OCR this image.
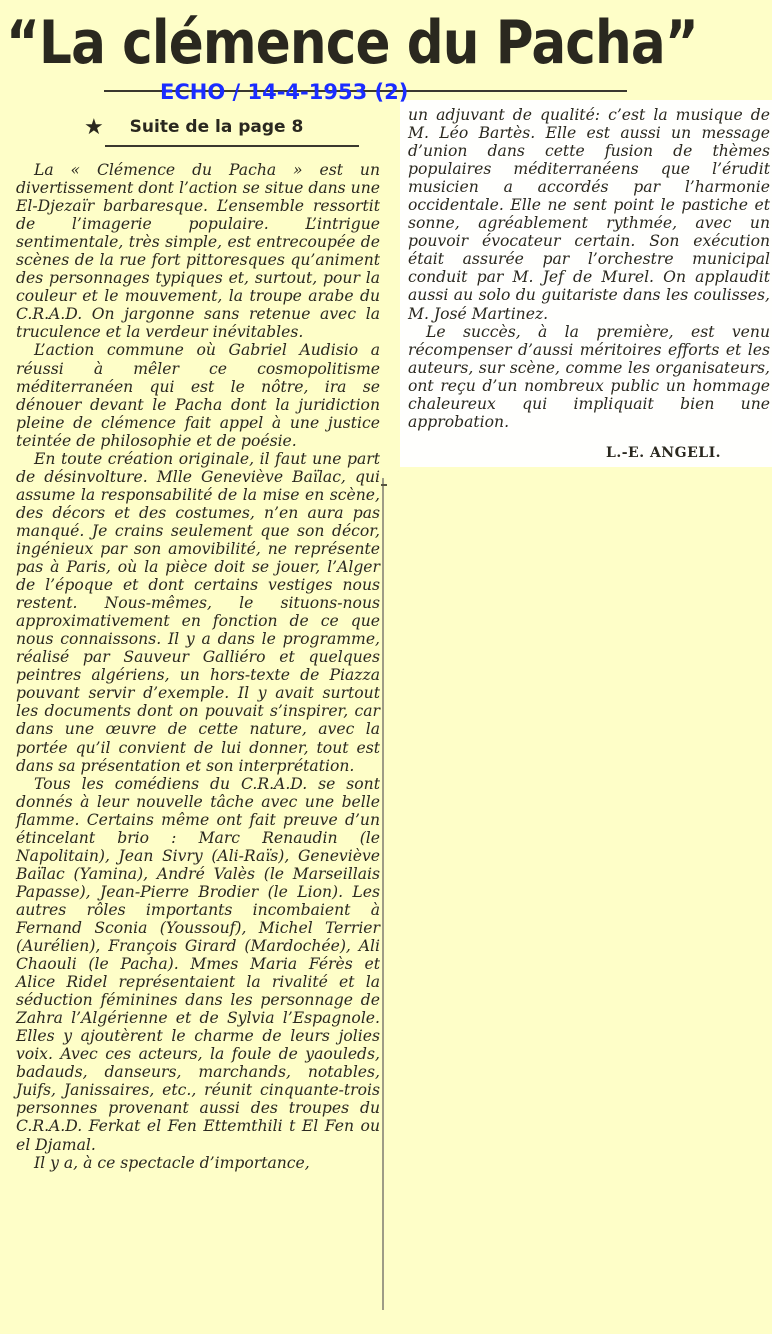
“La clémence du Pacha”
ECHO / 14-4-1953 (2)
★ Suite de la page 8

La « Clémence du Pacha » est un divertissement dont l’action se situe dans une El-Djezaïr barbaresque. L’ensemble ressortit de l’imagerie populaire. L’intrigue sentimentale, très simple, est entrecoupée de scènes de la rue fort pittoresques qu’animent des personnages typiques et, surtout, pour la couleur et le mouvement, la troupe arabe du C.R.A.D. On jargonne sans retenue avec la truculence et la verdeur inévitables.

L’action commune où Gabriel Audisio a réussi à mêler ce cosmopolitisme méditerranéen qui est le nôtre, ira se dénouer devant le Pacha dont la juridiction pleine de clémence fait appel à une justice teintée de philosophie et de poésie.

En toute création originale, il faut une part de désinvolture. Mlle Geneviève Baïlac, qui assume la responsabilité de la mise en scène, des décors et des costumes, n’en aura pas manqué. Je crains seulement que son décor, ingénieux par son amovibilité, ne représente pas à Paris, où la pièce doit se jouer, l’Alger de l’époque et dont certains vestiges nous restent. Nous-mêmes, le situons-nous approximativement en fonction de ce que nous connaissons. Il y a dans le programme, réalisé par Sauveur Galliéro et quelques peintres algériens, un hors-texte de Piazza pouvant servir d’exemple. Il y avait surtout les documents dont on pouvait s’inspirer, car dans une œuvre de cette nature, avec la portée qu’il convient de lui donner, tout est dans sa présentation et son interprétation.

Tous les comédiens du C.R.A.D. se sont donnés à leur nouvelle tâche avec une belle flamme. Certains même ont fait preuve d’un étincelant brio : Marc Renaudin (le Napolitain), Jean Sivry (Ali-Raïs), Geneviève Baïlac (Yamina), André Valès (le Marseillais Papasse), Jean-Pierre Brodier (le Lion). Les autres rôles importants incombaient à Fernand Sconia (Youssouf), Michel Terrier (Aurélien), François Girard (Mardochée), Ali Chaouli (le Pacha). Mmes Maria Férès et Alice Ridel représentaient la rivalité et la séduction féminines dans les personnage de Zahra l’Algérienne et de Sylvia l’Espagnole. Elles y ajoutèrent le charme de leurs jolies voix. Avec ces acteurs, la foule de yaouleds, badauds, danseurs, marchands, notables, Juifs, Janissaires, etc., réunit cinquante-trois personnes provenant aussi des troupes du C.R.A.D. Ferkat el Fen Ettemthili t El Fen ou el Djamal.

Il y a, à ce spectacle d’importance,

un adjuvant de qualité: c’est la musique de M. Léo Bartès. Elle est aussi un message d’union dans cette fusion de thèmes populaires méditerranéens que l’érudit musicien a accordés par l’harmonie occidentale. Elle ne sent point le pastiche et sonne, agréablement rythmée, avec un pouvoir évocateur certain. Son exécution était assurée par l’orchestre municipal conduit par M. Jef de Murel. On applaudit aussi au solo du guitariste dans les coulisses, M. José Martinez.

Le succès, à la première, est venu récompenser d’aussi méritoires efforts et les auteurs, sur scène, comme les organisateurs, ont reçu d’un nombreux public un hommage chaleureux qui impliquait bien une approbation.

L.-E. ANGELI.
